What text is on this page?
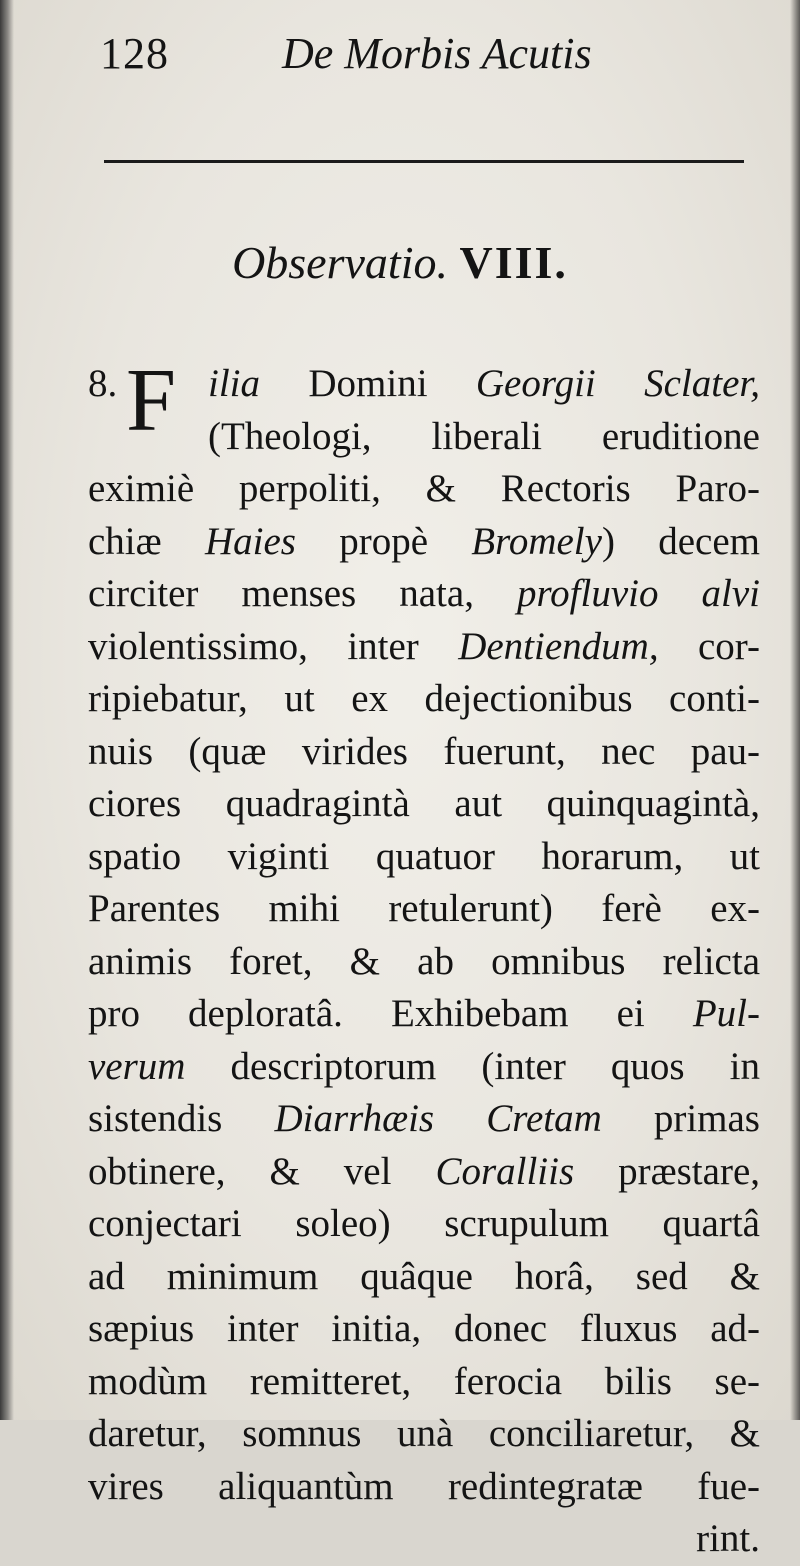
128	De Morbis Acutis
Observatio. VIII.
8. F ilia Domini Georgii Sclater,
(Theologi, liberali eruditione
eximiè perpoliti, & Rectoris Paro-
chiæ Haies propè Bromely) decem
circiter menses nata, profluvio alvi
violentissimo, inter Dentiendum, cor-
ripiebatur, ut ex dejectionibus conti-
nuis (quæ virides fuerunt, nec pau-
ciores quadragintà aut quinquagintà,
spatio viginti quatuor horarum, ut
Parentes mihi retulerunt) ferè ex-
animis foret, & ab omnibus relicta
pro deploratâ. Exhibebam ei Pul-
verum descriptorum (inter quos in
sistendis Diarrhæis Cretam primas
obtinere, & vel Coralliis præstare,
conjectari soleo) scrupulum quartâ
ad minimum quâque horâ, sed &
sæpius inter initia, donec fluxus ad-
modùm remitteret, ferocia bilis se-
daretur, somnus unà conciliaretur, &
vires aliquantùm redintegratæ fue-
rint.
